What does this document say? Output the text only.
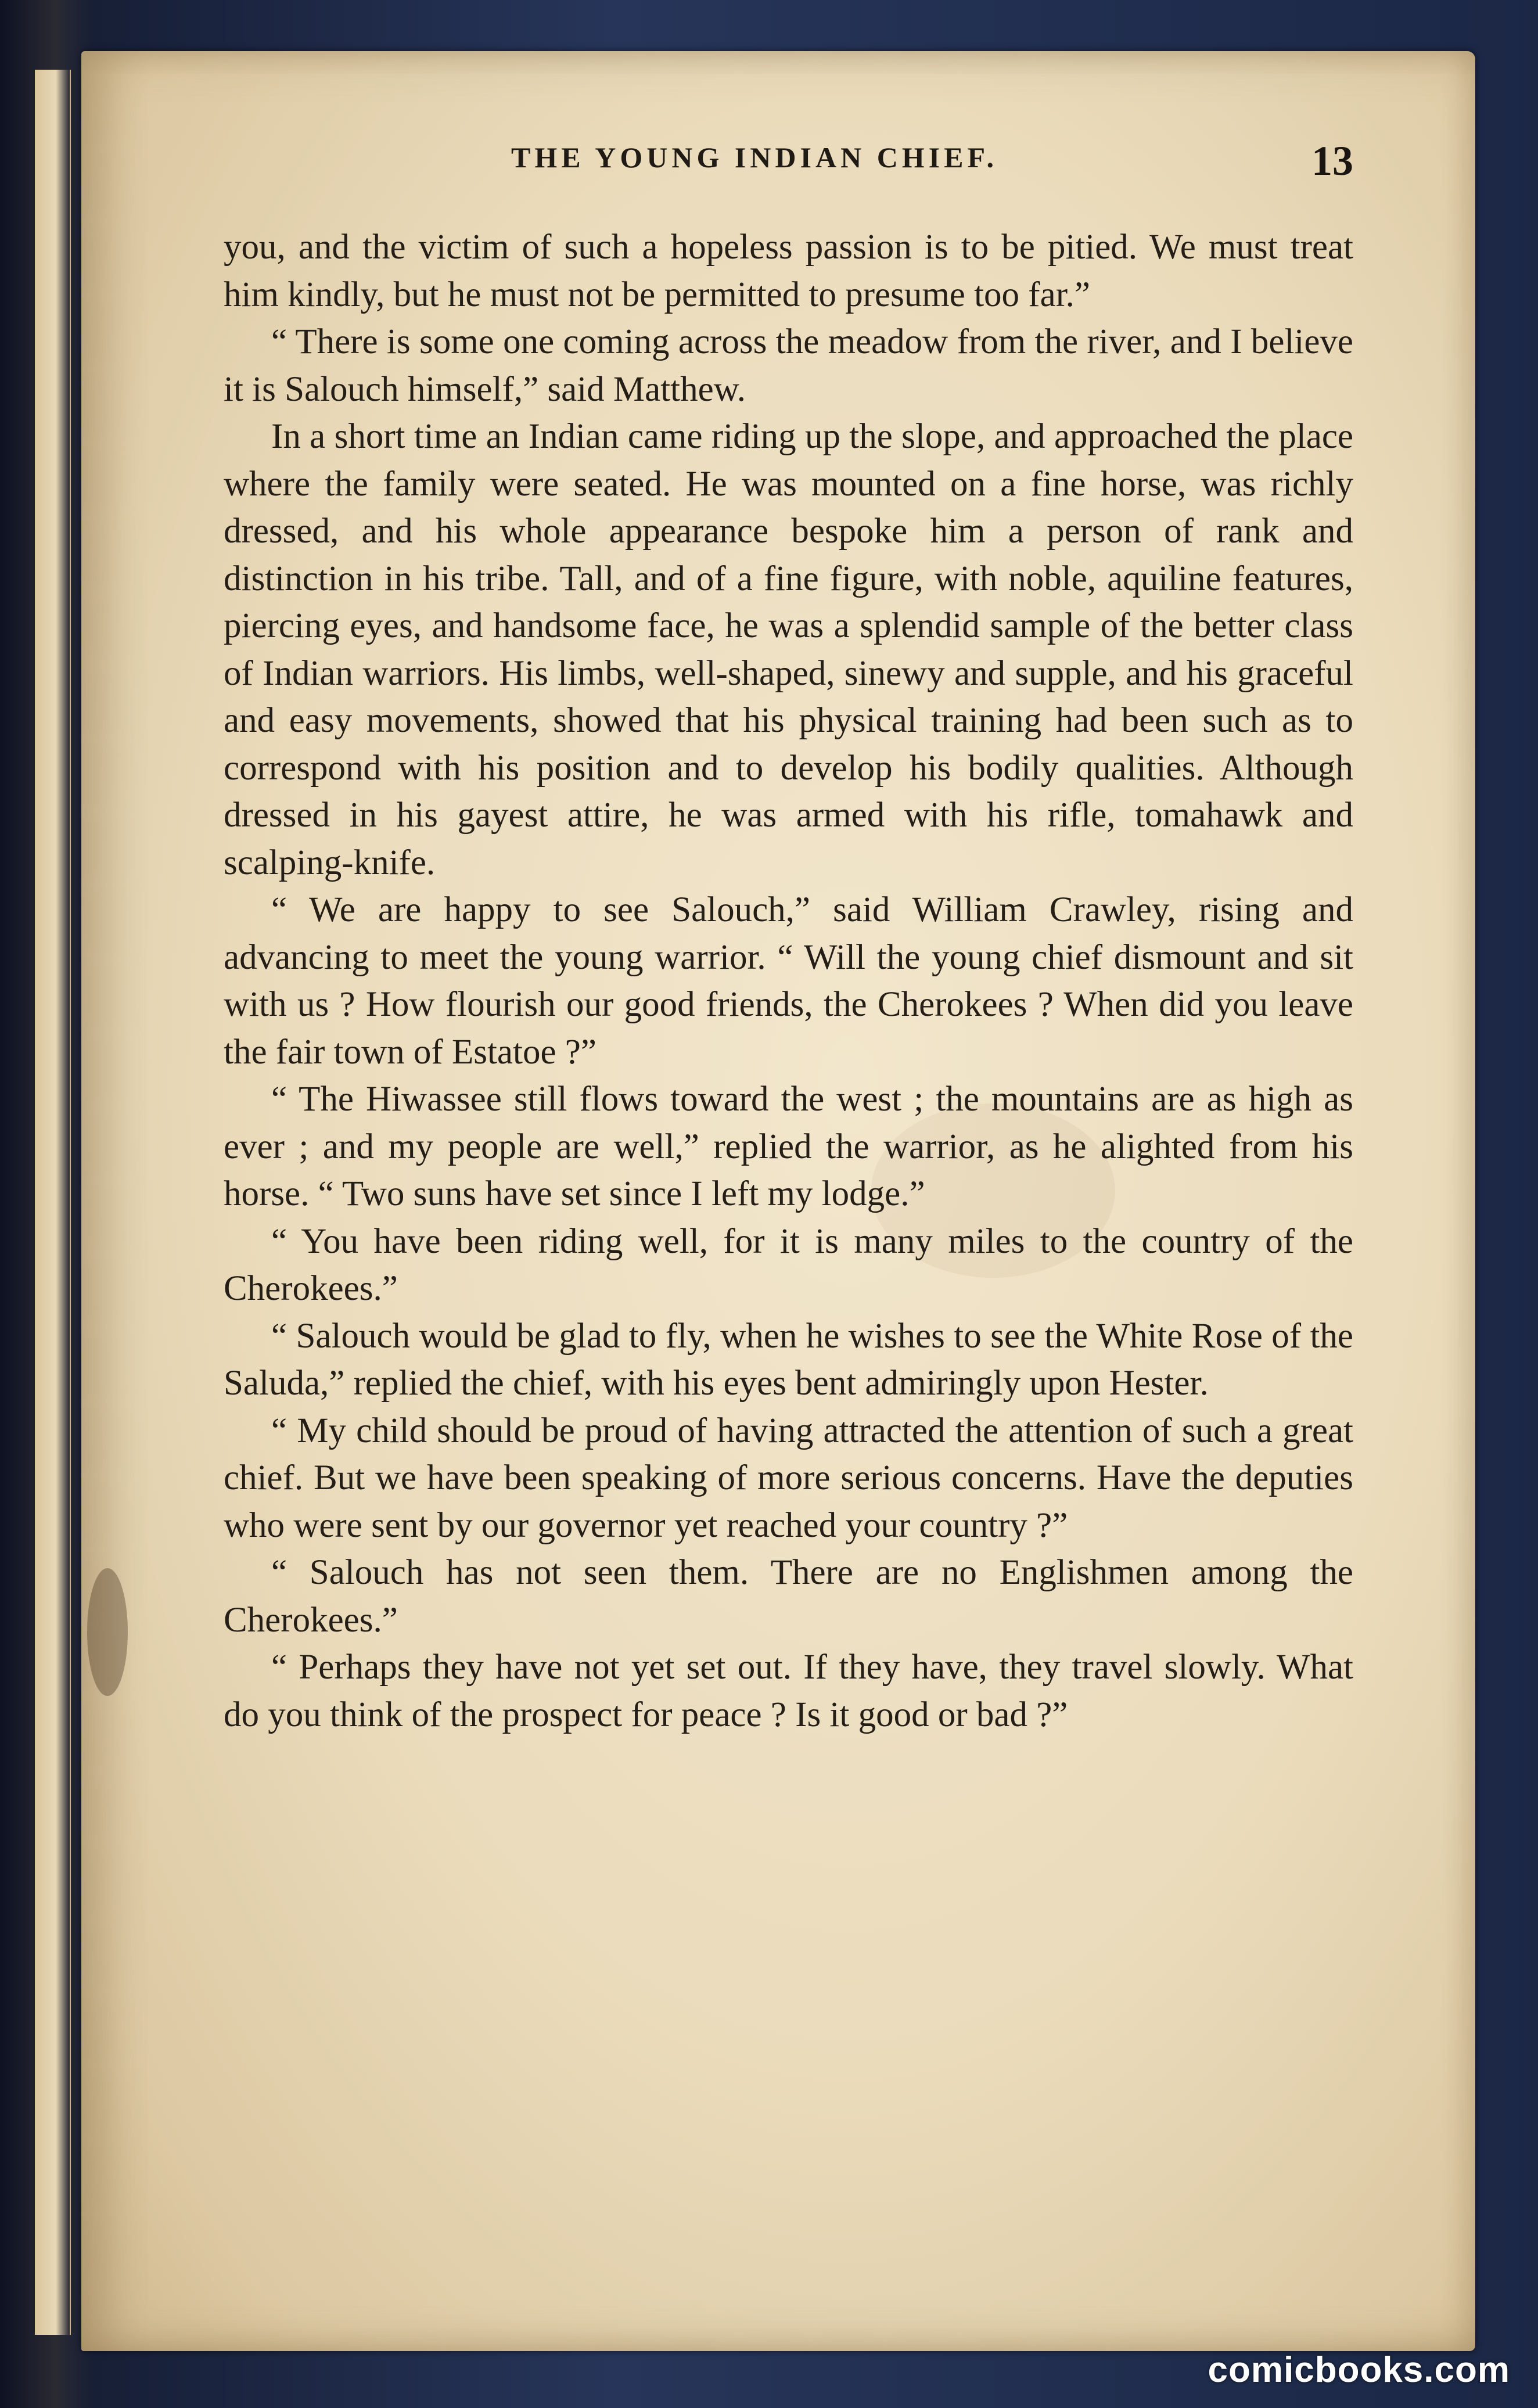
THE YOUNG INDIAN CHIEF.	13

you, and the victim of such a hopeless passion is to be pitied. We must treat him kindly, but he must not be permitted to presume too far.”

“ There is some one coming across the meadow from the river, and I believe it is Salouch himself,” said Matthew.

In a short time an Indian came riding up the slope, and approached the place where the family were seated. He was mounted on a fine horse, was richly dressed, and his whole appearance bespoke him a person of rank and distinction in his tribe. Tall, and of a fine figure, with noble, aquiline features, piercing eyes, and handsome face, he was a splendid sample of the better class of Indian warriors. His limbs, well-shaped, sinewy and supple, and his graceful and easy movements, showed that his physical training had been such as to correspond with his position and to develop his bodily qualities. Although dressed in his gayest attire, he was armed with his rifle, tomahawk and scalping-knife.

“ We are happy to see Salouch,” said William Crawley, rising and advancing to meet the young warrior. “ Will the young chief dismount and sit with us ? How flourish our good friends, the Cherokees ? When did you leave the fair town of Estatoe ?”

“ The Hiwassee still flows toward the west ; the mountains are as high as ever ; and my people are well,” replied the warrior, as he alighted from his horse. “ Two suns have set since I left my lodge.”

“ You have been riding well, for it is many miles to the country of the Cherokees.”

“ Salouch would be glad to fly, when he wishes to see the White Rose of the Saluda,” replied the chief, with his eyes bent admiringly upon Hester.

“ My child should be proud of having attracted the attention of such a great chief. But we have been speaking of more serious concerns. Have the deputies who were sent by our governor yet reached your country ?”

“ Salouch has not seen them. There are no Englishmen among the Cherokees.”

“ Perhaps they have not yet set out. If they have, they travel slowly. What do you think of the prospect for peace ? Is it good or bad ?”

comicbooks.com
